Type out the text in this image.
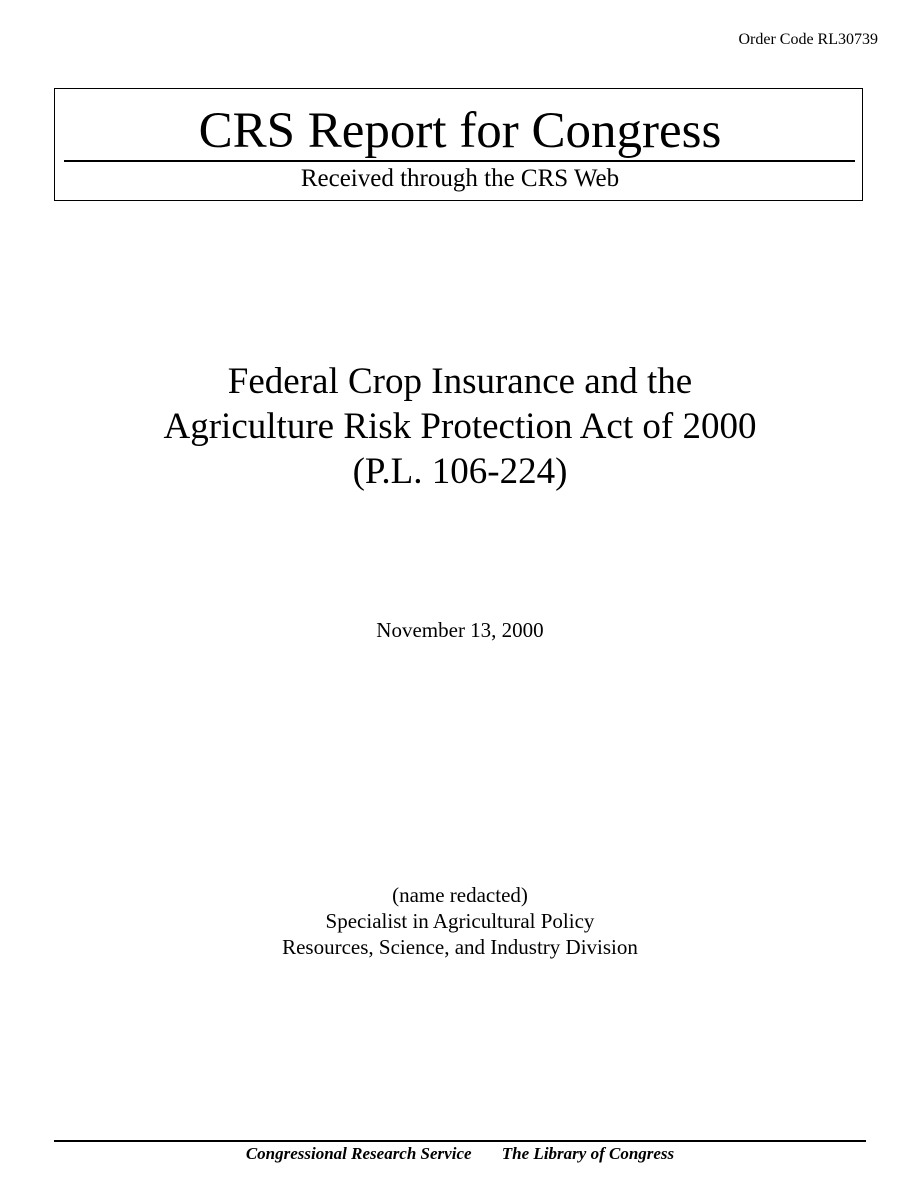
Order Code RL30739
CRS Report for Congress
Received through the CRS Web
Federal Crop Insurance and the
Agriculture Risk Protection Act of 2000
(P.L. 106-224)
November 13, 2000
(name redacted)
Specialist in Agricultural Policy
Resources, Science, and Industry Division
Congressional Research Service The Library of Congress
